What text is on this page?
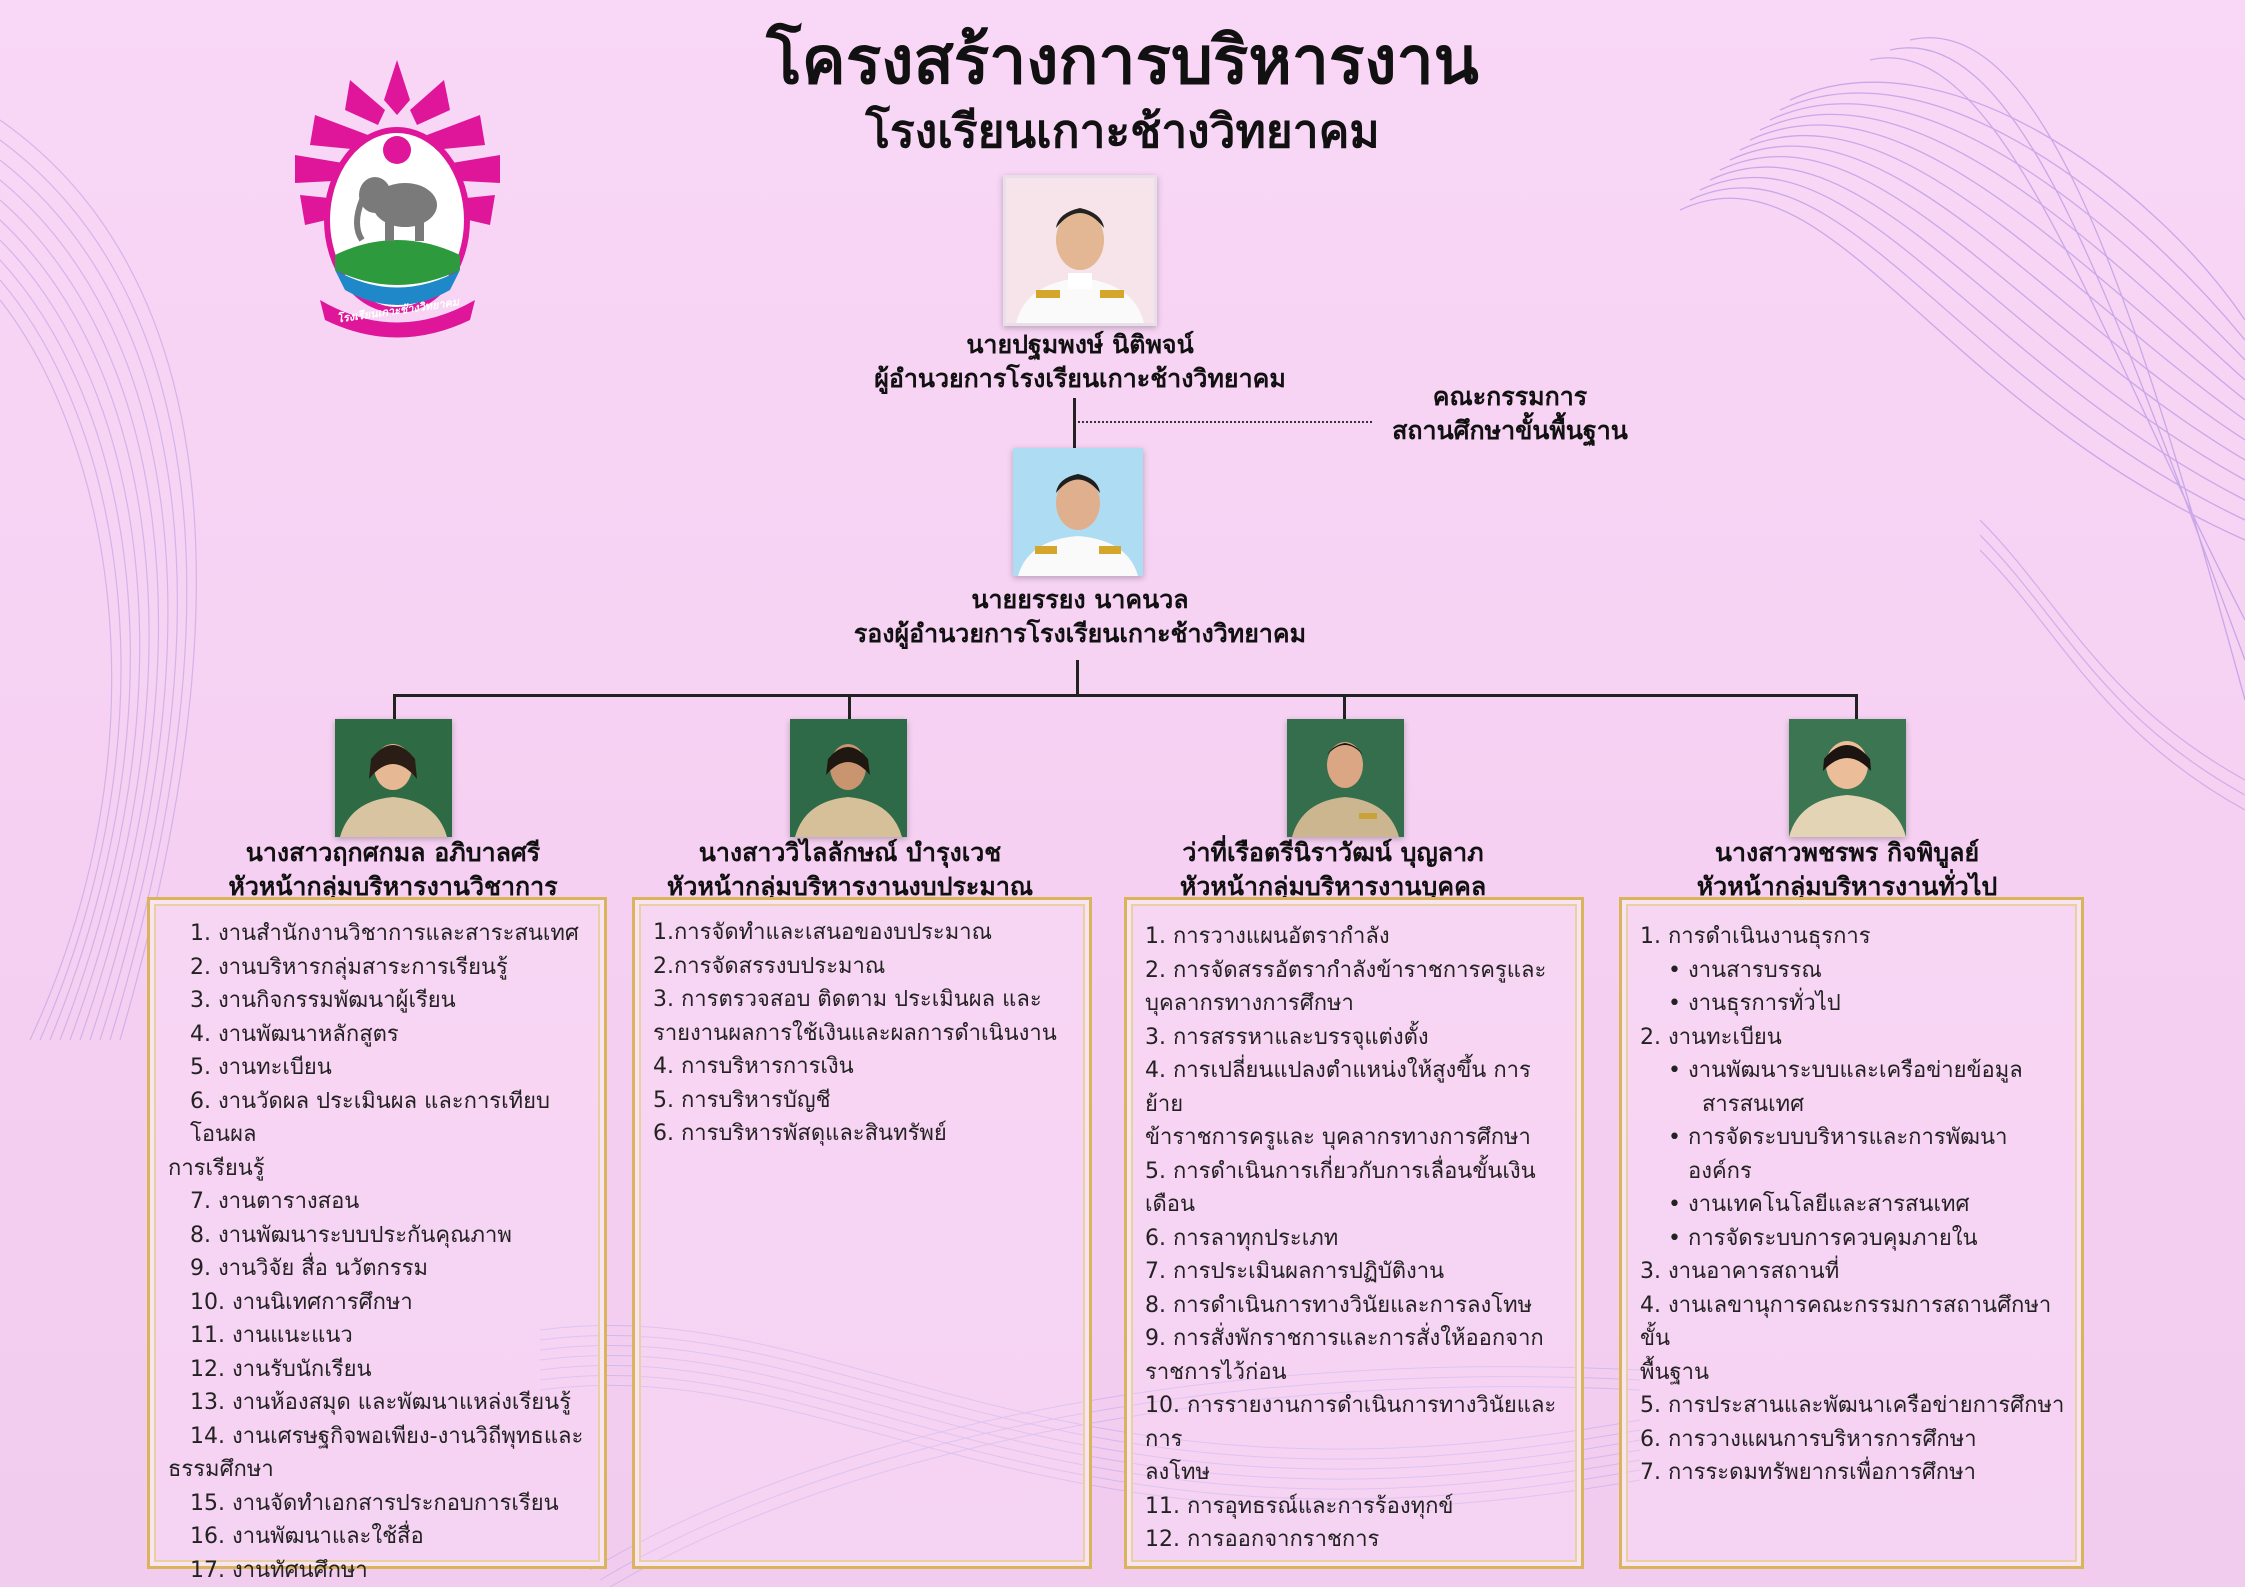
โครงสร้างการบริหารงาน
โรงเรียนเกาะช้างวิทยาคม
โรงเรียนเกาะช้างวิทยาคม
นายปฐมพงษ์ นิติพจน์
ผู้อำนวยการโรงเรียนเกาะช้างวิทยาคม
คณะกรรมการ
สถานศึกษาขั้นพื้นฐาน
นายยรรยง นาคนวล
รองผู้อำนวยการโรงเรียนเกาะช้างวิทยาคม
นางสาวฤกศกมล อภิบาลศรี
หัวหน้ากลุ่มบริหารงานวิชาการ
1. งานสำนักงานวิชาการและสาระสนเทศ
2. งานบริหารกลุ่มสาระการเรียนรู้
3. งานกิจกรรมพัฒนาผู้เรียน
4. งานพัฒนาหลักสูตร
5. งานทะเบียน
6. งานวัดผล ประเมินผล และการเทียบโอนผล
การเรียนรู้
7. งานตารางสอน
8. งานพัฒนาระบบประกันคุณภาพ
9. งานวิจัย สื่อ นวัตกรรม
10. งานนิเทศการศึกษา
11. งานแนะแนว
12. งานรับนักเรียน
13. งานห้องสมุด และพัฒนาแหล่งเรียนรู้
14. งานเศรษฐกิจพอเพียง-งานวิถีพุทธและ
ธรรมศึกษา
15. งานจัดทำเอกสารประกอบการเรียน
16. งานพัฒนาและใช้สื่อ
17. งานทัศนศึกษา
นางสาววิไลลักษณ์ บำรุงเวช
หัวหน้ากลุ่มบริหารงานงบประมาณ
1.การจัดทำและเสนอของบประมาณ
2.การจัดสรรงบประมาณ
3. การตรวจสอบ ติดตาม ประเมินผล และ
รายงานผลการใช้เงินและผลการดำเนินงาน
4. การบริหารการเงิน
5. การบริหารบัญชี
6. การบริหารพัสดุและสินทรัพย์
ว่าที่เรือตรีนิราวัฒน์ บุญลาภ
หัวหน้ากลุ่มบริหารงานบุคคล
1. การวางแผนอัตรากำลัง
2. การจัดสรรอัตรากำลังข้าราชการครูและ
บุคลากรทางการศึกษา
3. การสรรหาและบรรจุแต่งตั้ง
4. การเปลี่ยนแปลงตำแหน่งให้สูงขึ้น การย้าย
ข้าราชการครูและ บุคลากรทางการศึกษา
5. การดำเนินการเกี่ยวกับการเลื่อนขั้นเงินเดือน
6. การลาทุกประเภท
7. การประเมินผลการปฏิบัติงาน
8. การดำเนินการทางวินัยและการลงโทษ
9. การสั่งพักราชการและการสั่งให้ออกจาก
ราชการไว้ก่อน
10. การรายงานการดำเนินการทางวินัยและการ
ลงโทษ
11. การอุทธรณ์และการร้องทุกข์
12. การออกจากราชการ
นางสาวพชรพร กิจพิบูลย์
หัวหน้ากลุ่มบริหารงานทั่วไป
1. การดำเนินงานธุรการ
• งานสารบรรณ
• งานธุรการทั่วไป
2. งานทะเบียน
• งานพัฒนาระบบและเครือข่ายข้อมูล
สารสนเทศ
• การจัดระบบบริหารและการพัฒนาองค์กร
• งานเทคโนโลยีและสารสนเทศ
• การจัดระบบการควบคุมภายใน
3. งานอาคารสถานที่
4. งานเลขานุการคณะกรรมการสถานศึกษาขั้น
พื้นฐาน
5. การประสานและพัฒนาเครือข่ายการศึกษา
6. การวางแผนการบริหารการศึกษา
7. การระดมทรัพยากรเพื่อการศึกษา
